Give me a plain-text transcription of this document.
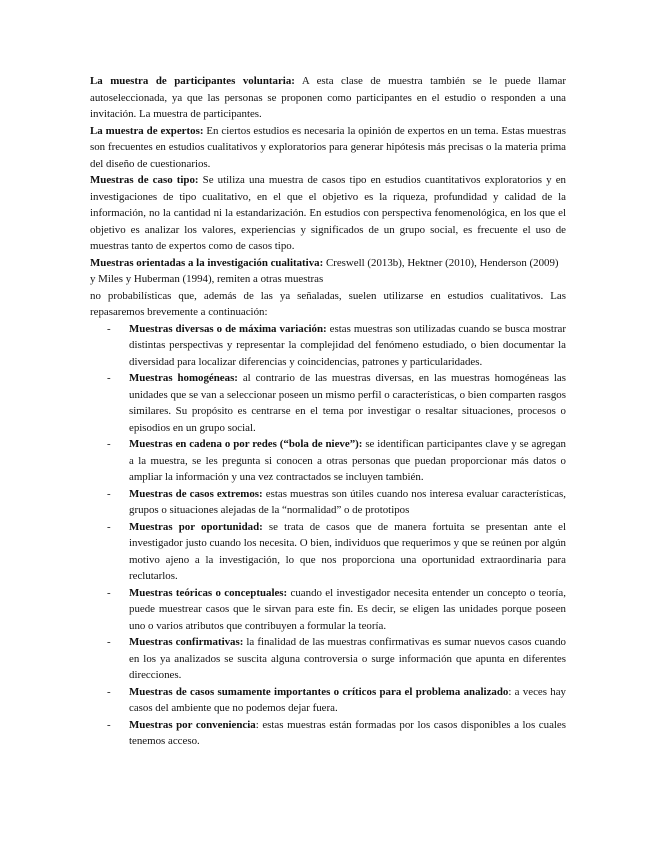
La muestra de participantes voluntaria: A esta clase de muestra también se le puede llamar autoseleccionada, ya que las personas se proponen como participantes en el estudio o responden a una invitación. La muestra de participantes.

La muestra de expertos: En ciertos estudios es necesaria la opinión de expertos en un tema. Estas muestras son frecuentes en estudios cualitativos y exploratorios para generar hipótesis más precisas o la materia prima del diseño de cuestionarios.

Muestras de caso tipo: Se utiliza una muestra de casos tipo en estudios cuantitativos exploratorios y en investigaciones de tipo cualitativo, en el que el objetivo es la riqueza, profundidad y calidad de la información, no la cantidad ni la estandarización. En estudios con perspectiva fenomenológica, en los que el objetivo es analizar los valores, experiencias y significados de un grupo social, es frecuente el uso de muestras tanto de expertos como de casos tipo.

Muestras orientadas a la investigación cualitativa: Creswell (2013b), Hektner (2010), Henderson (2009) y Miles y Huberman (1994), remiten a otras muestras

no probabilísticas que, además de las ya señaladas, suelen utilizarse en estudios cualitativos. Las repasaremos brevemente a continuación:

- Muestras diversas o de máxima variación: estas muestras son utilizadas cuando se busca mostrar distintas perspectivas y representar la complejidad del fenómeno estudiado, o bien documentar la diversidad para localizar diferencias y coincidencias, patrones y particularidades.
- Muestras homogéneas: al contrario de las muestras diversas, en las muestras homogéneas las unidades que se van a seleccionar poseen un mismo perfil o características, o bien comparten rasgos similares. Su propósito es centrarse en el tema por investigar o resaltar situaciones, procesos o episodios en un grupo social.
- Muestras en cadena o por redes (“bola de nieve”): se identifican participantes clave y se agregan a la muestra, se les pregunta si conocen a otras personas que puedan proporcionar más datos o ampliar la información y una vez contractados se incluyen también.
- Muestras de casos extremos: estas muestras son útiles cuando nos interesa evaluar características, grupos o situaciones alejadas de la “normalidad” o de prototipos
- Muestras por oportunidad: se trata de casos que de manera fortuita se presentan ante el investigador justo cuando los necesita. O bien, individuos que requerimos y que se reúnen por algún motivo ajeno a la investigación, lo que nos proporciona una oportunidad extraordinaria para reclutarlos.
- Muestras teóricas o conceptuales: cuando el investigador necesita entender un concepto o teoría, puede muestrear casos que le sirvan para este fin. Es decir, se eligen las unidades porque poseen uno o varios atributos que contribuyen a formular la teoría.
- Muestras confirmativas: la finalidad de las muestras confirmativas es sumar nuevos casos cuando en los ya analizados se suscita alguna controversia o surge información que apunta en diferentes direcciones.
- Muestras de casos sumamente importantes o críticos para el problema analizado: a veces hay casos del ambiente que no podemos dejar fuera.
- Muestras por conveniencia: estas muestras están formadas por los casos disponibles a los cuales tenemos acceso.
